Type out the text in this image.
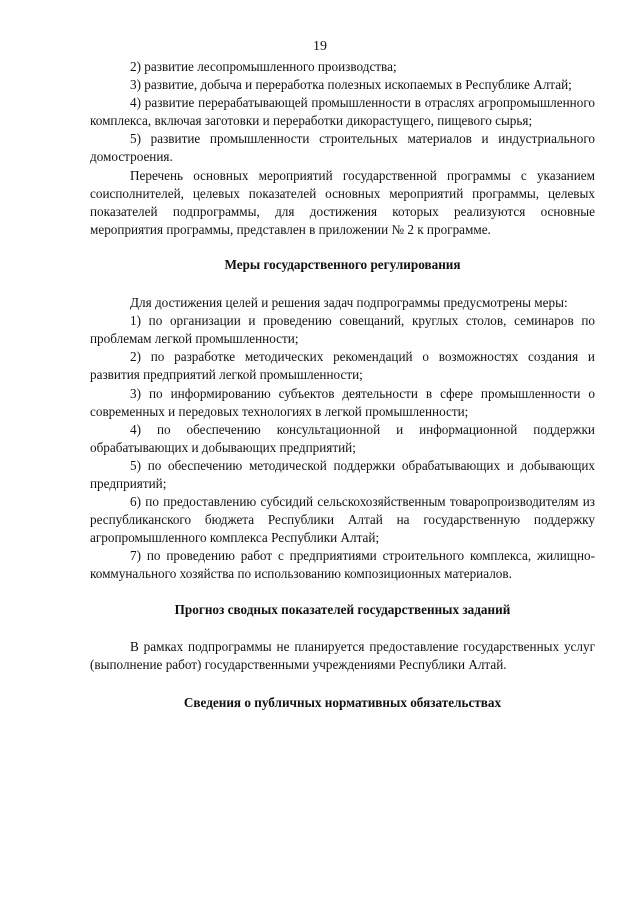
19

2) развитие лесопромышленного производства;

3) развитие, добыча и переработка полезных ископаемых в Республике Алтай;

4) развитие перерабатывающей промышленности в отраслях агропромышленного комплекса, включая заготовки и переработки дикорастущего, пищевого сырья;

5) развитие промышленности строительных материалов и индустриального домостроения.

Перечень основных мероприятий государственной программы с указанием соисполнителей, целевых показателей основных мероприятий программы, целевых показателей подпрограммы, для достижения которых реализуются основные мероприятия программы, представлен в приложении № 2 к программе.

Меры государственного регулирования

Для достижения целей и решения задач подпрограммы предусмотрены меры:

1) по организации и проведению совещаний, круглых столов, семинаров по проблемам легкой промышленности;

2) по разработке методических рекомендаций о возможностях создания и развития предприятий легкой промышленности;

3) по информированию субъектов деятельности в сфере промышленности о современных и передовых технологиях в легкой промышленности;

4) по обеспечению консультационной и информационной поддержки обрабатывающих и добывающих предприятий;

5) по обеспечению методической поддержки обрабатывающих и добывающих предприятий;

6) по предоставлению субсидий сельскохозяйственным товаропроизводителям из республиканского бюджета Республики Алтай на государственную поддержку агропромышленного комплекса Республики Алтай;

7) по проведению работ с предприятиями строительного комплекса, жилищно-коммунального хозяйства по использованию композиционных материалов.

Прогноз сводных показателей государственных заданий

В рамках подпрограммы не планируется предоставление государственных услуг (выполнение работ) государственными учреждениями Республики Алтай.

Сведения о публичных нормативных обязательствах
